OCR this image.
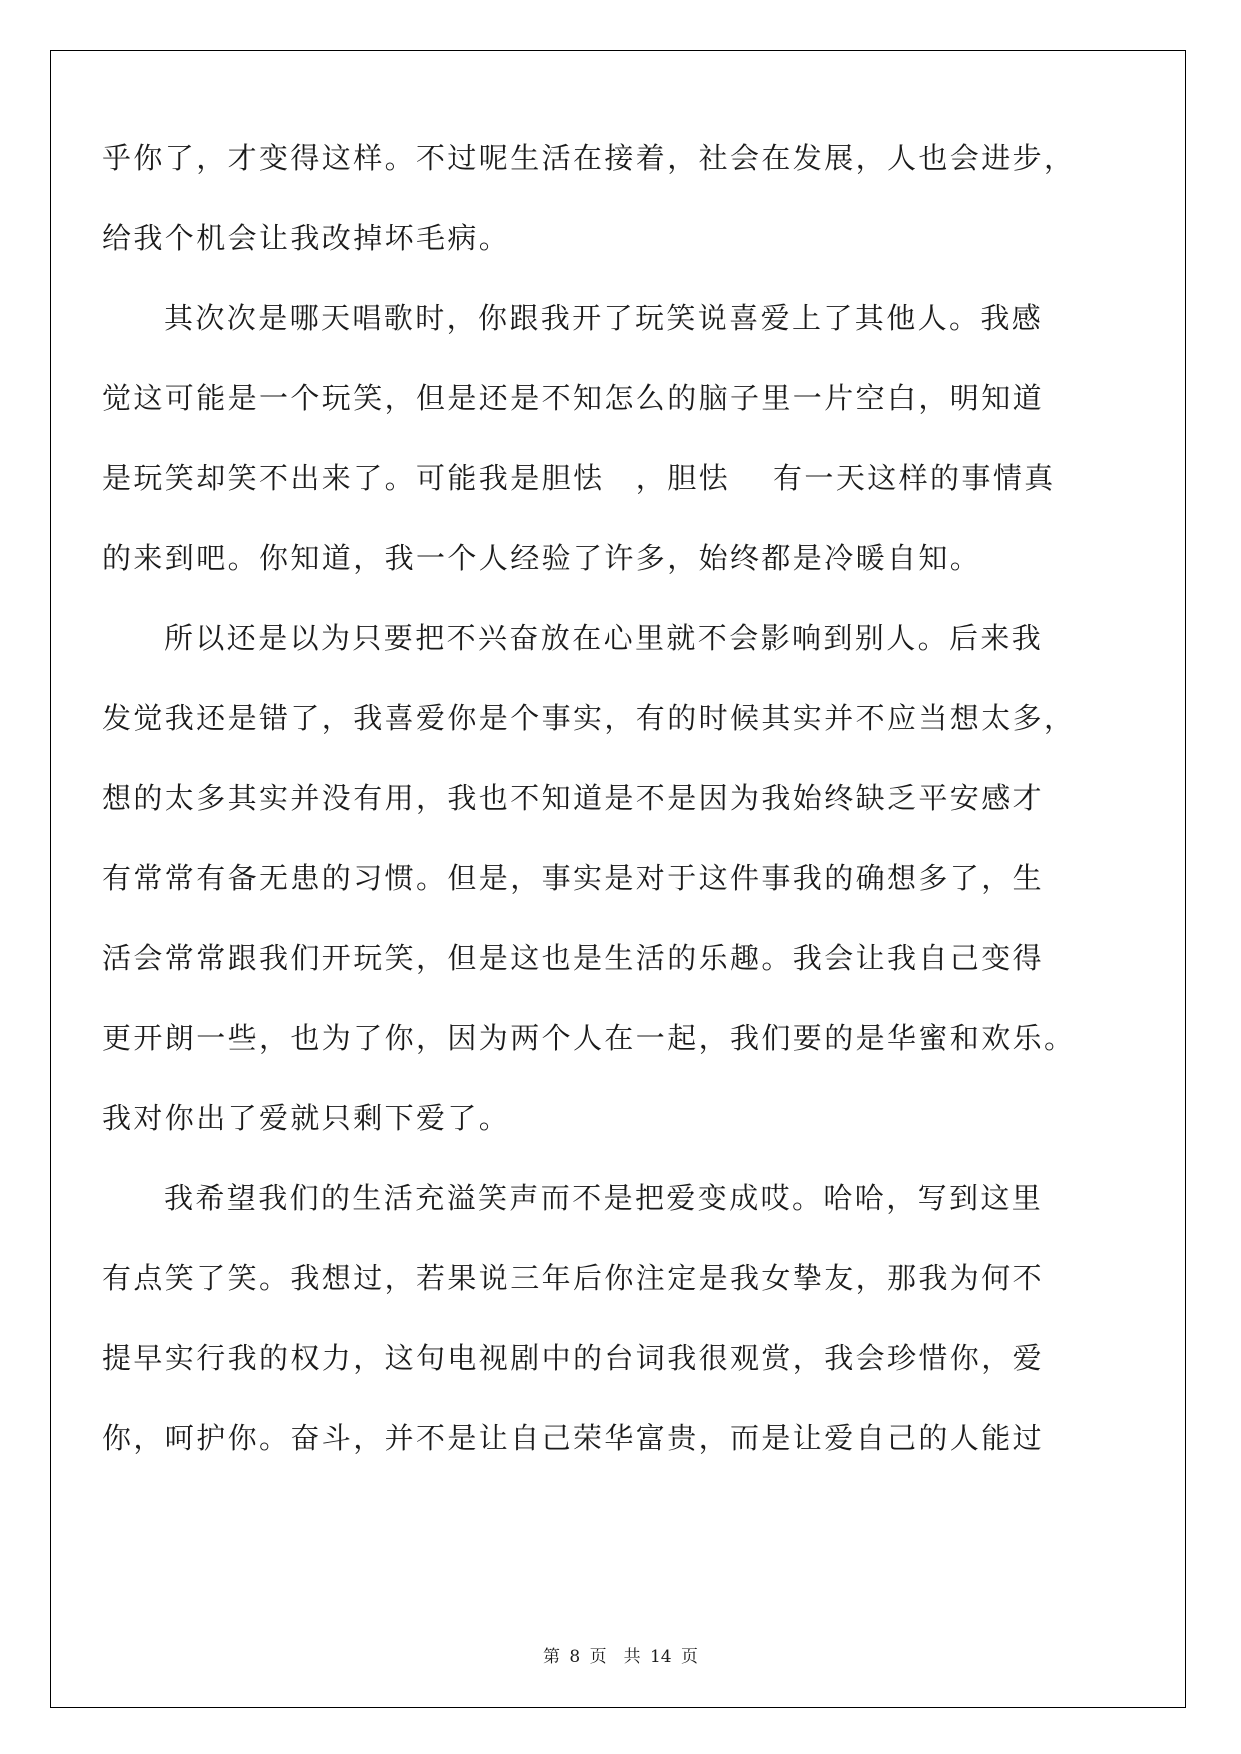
乎你了，才变得这样。不过呢生活在接着，社会在发展，人也会进步，
给我个机会让我改掉坏毛病。
其次次是哪天唱歌时，你跟我开了玩笑说喜爱上了其他人。我感
觉这可能是一个玩笑，但是还是不知怎么的脑子里一片空白，明知道
是玩笑却笑不出来了。可能我是胆怯　，胆怯　 有一天这样的事情真
的来到吧。你知道，我一个人经验了许多，始终都是冷暖自知。
所以还是以为只要把不兴奋放在心里就不会影响到别人。后来我
发觉我还是错了，我喜爱你是个事实，有的时候其实并不应当想太多，
想的太多其实并没有用，我也不知道是不是因为我始终缺乏平安感才
有常常有备无患的习惯。但是，事实是对于这件事我的确想多了，生
活会常常跟我们开玩笑，但是这也是生活的乐趣。我会让我自己变得
更开朗一些，也为了你，因为两个人在一起，我们要的是华蜜和欢乐。
我对你出了爱就只剩下爱了。
我希望我们的生活充溢笑声而不是把爱变成哎。哈哈，写到这里
有点笑了笑。我想过，若果说三年后你注定是我女挚友，那我为何不
提早实行我的权力，这句电视剧中的台词我很观赏，我会珍惜你，爱
你，呵护你。奋斗，并不是让自己荣华富贵，而是让爱自己的人能过
第 8 页　共 14 页
